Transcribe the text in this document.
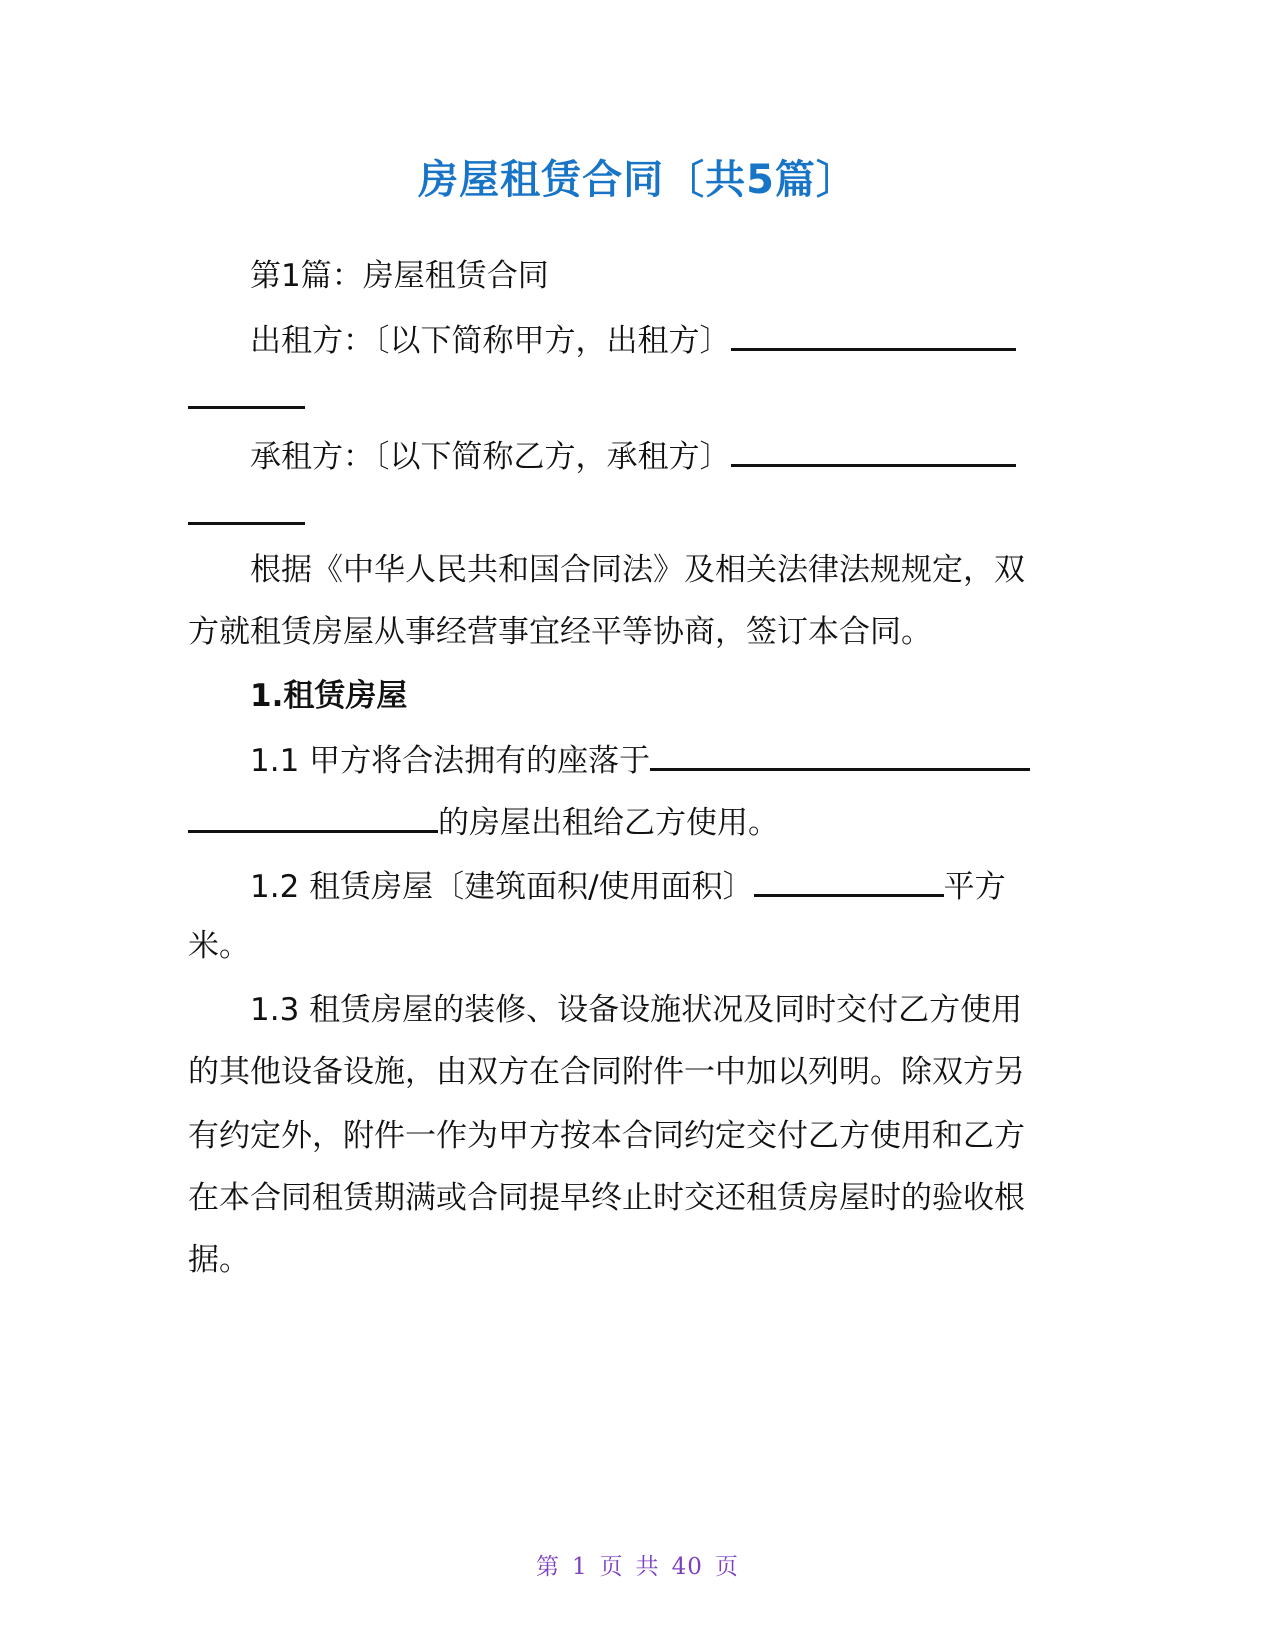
房屋租赁合同〔共5篇〕
第1篇：房屋租赁合同
出租方：〔以下简称甲方，出租方〕
承租方：〔以下简称乙方，承租方〕
根据《中华人民共和国合同法》及相关法律法规规定，双
方就租赁房屋从事经营事宜经平等协商，签订本合同。
1.租赁房屋
1.1 甲方将合法拥有的座落于
的房屋出租给乙方使用。
1.2 租赁房屋〔建筑面积/使用面积〕	平方
米。
1.3 租赁房屋的装修、设备设施状况及同时交付乙方使用
的其他设备设施，由双方在合同附件一中加以列明。除双方另
有约定外，附件一作为甲方按本合同约定交付乙方使用和乙方
在本合同租赁期满或合同提早终止时交还租赁房屋时的验收根
据。
第 1 页 共 40 页
